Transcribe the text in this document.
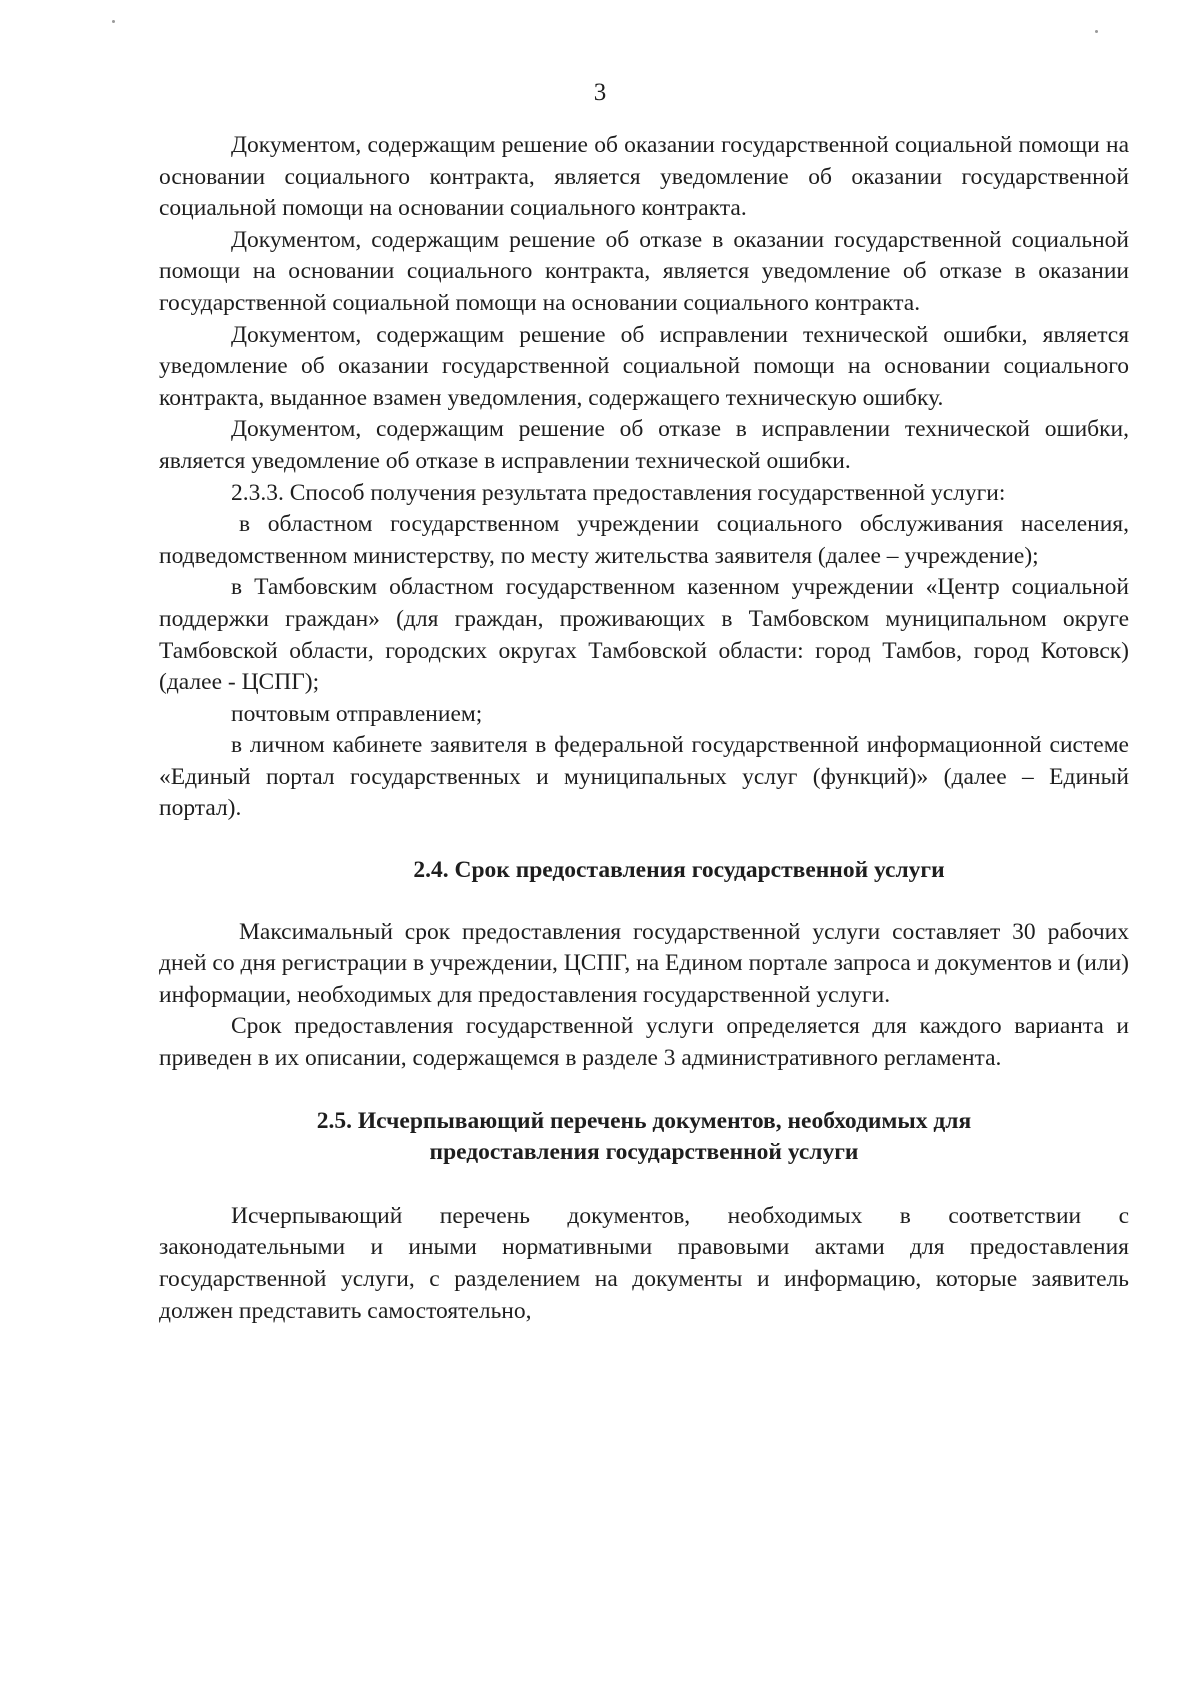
3

Документом, содержащим решение об оказании государственной социальной помощи на основании социального контракта, является уведомление об оказании государственной социальной помощи на основании социального контракта.

Документом, содержащим решение об отказе в оказании государственной социальной помощи на основании социального контракта, является уведомление об отказе в оказании государственной социальной помощи на основании социального контракта.

Документом, содержащим решение об исправлении технической ошибки, является уведомление об оказании государственной социальной помощи на основании социального контракта, выданное взамен уведомления, содержащего техническую ошибку.

Документом, содержащим решение об отказе в исправлении технической ошибки, является уведомление об отказе в исправлении технической ошибки.

2.3.3. Способ получения результата предоставления государственной услуги:

в областном государственном учреждении социального обслуживания населения, подведомственном министерству, по месту жительства заявителя (далее – учреждение);

в Тамбовским областном государственном казенном учреждении «Центр социальной поддержки граждан» (для граждан, проживающих в Тамбовском муниципальном округе Тамбовской области, городских округах Тамбовской области: город Тамбов, город Котовск) (далее - ЦСПГ);

почтовым отправлением;

в личном кабинете заявителя в федеральной государственной информационной системе «Единый портал государственных и муниципальных услуг (функций)» (далее – Единый портал).

2.4. Срок предоставления государственной услуги

Максимальный срок предоставления государственной услуги составляет 30 рабочих дней со дня регистрации в учреждении, ЦСПГ, на Едином портале запроса и документов и (или) информации, необходимых для предоставления государственной услуги.

Срок предоставления государственной услуги определяется для каждого варианта и приведен в их описании, содержащемся в разделе 3 административного регламента.

2.5. Исчерпывающий перечень документов, необходимых для
предоставления государственной услуги

Исчерпывающий перечень документов, необходимых в соответствии с законодательными и иными нормативными правовыми актами для предоставления государственной услуги, с разделением на документы и информацию, которые заявитель должен представить самостоятельно,
